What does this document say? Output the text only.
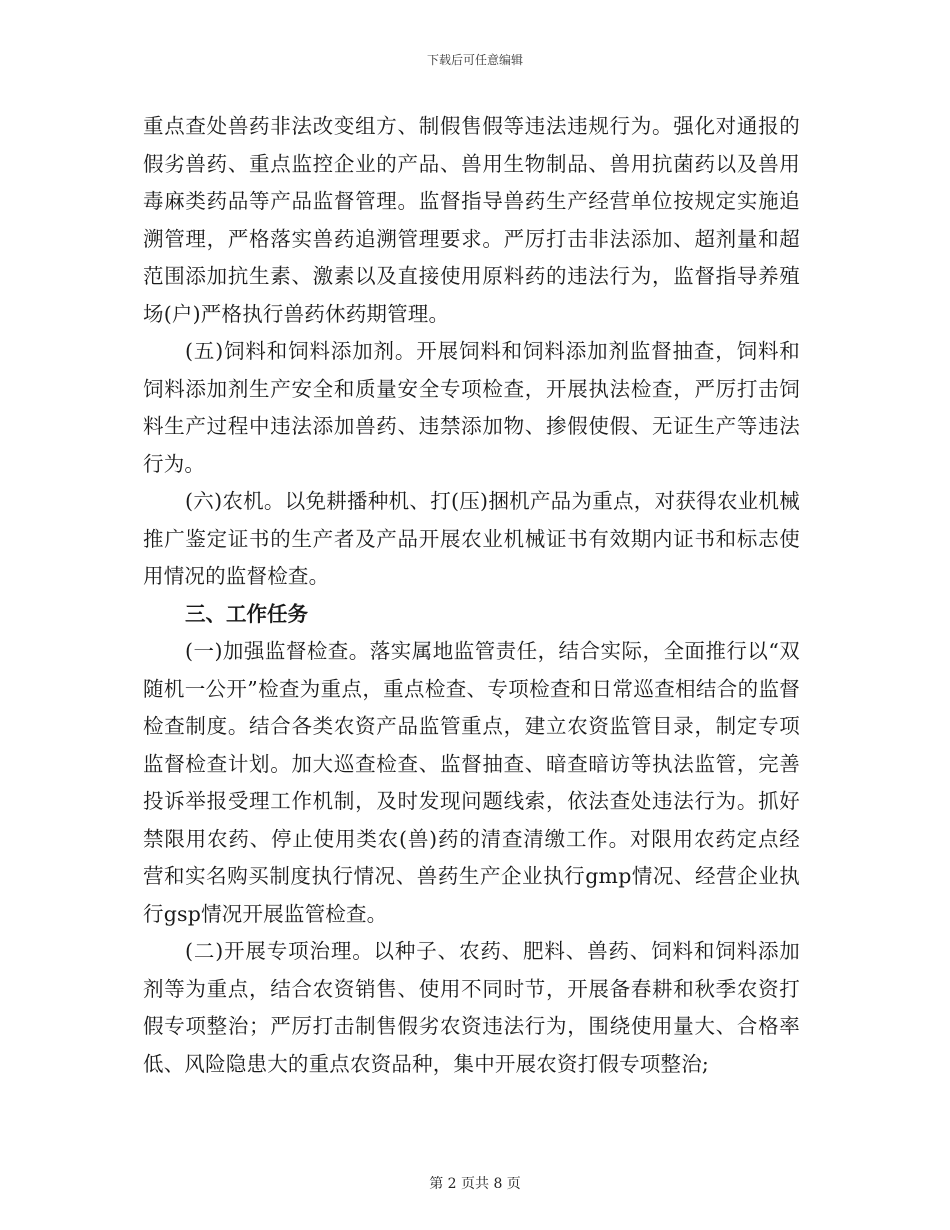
下载后可任意编辑

重点查处兽药非法改变组方、制假售假等违法违规行为。强化对通报的假劣兽药、重点监控企业的产品、兽用生物制品、兽用抗菌药以及兽用毒麻类药品等产品监督管理。监督指导兽药生产经营单位按规定实施追溯管理，严格落实兽药追溯管理要求。严厉打击非法添加、超剂量和超范围添加抗生素、激素以及直接使用原料药的违法行为，监督指导养殖场(户)严格执行兽药休药期管理。

(五)饲料和饲料添加剂。开展饲料和饲料添加剂监督抽查，饲料和饲料添加剂生产安全和质量安全专项检查，开展执法检查，严厉打击饲料生产过程中违法添加兽药、违禁添加物、掺假使假、无证生产等违法行为。

(六)农机。以免耕播种机、打(压)捆机产品为重点，对获得农业机械推广鉴定证书的生产者及产品开展农业机械证书有效期内证书和标志使用情况的监督检查。

三、工作任务

(一)加强监督检查。落实属地监管责任，结合实际，全面推行以“双随机一公开”检查为重点，重点检查、专项检查和日常巡查相结合的监督检查制度。结合各类农资产品监管重点，建立农资监管目录，制定专项监督检查计划。加大巡查检查、监督抽查、暗查暗访等执法监管，完善投诉举报受理工作机制，及时发现问题线索，依法查处违法行为。抓好禁限用农药、停止使用类农(兽)药的清查清缴工作。对限用农药定点经营和实名购买制度执行情况、兽药生产企业执行gmp情况、经营企业执行gsp情况开展监管检查。

(二)开展专项治理。以种子、农药、肥料、兽药、饲料和饲料添加剂等为重点，结合农资销售、使用不同时节，开展备春耕和秋季农资打假专项整治；严厉打击制售假劣农资违法行为，围绕使用量大、合格率低、风险隐患大的重点农资品种，集中开展农资打假专项整治;

第 2 页共 8 页
